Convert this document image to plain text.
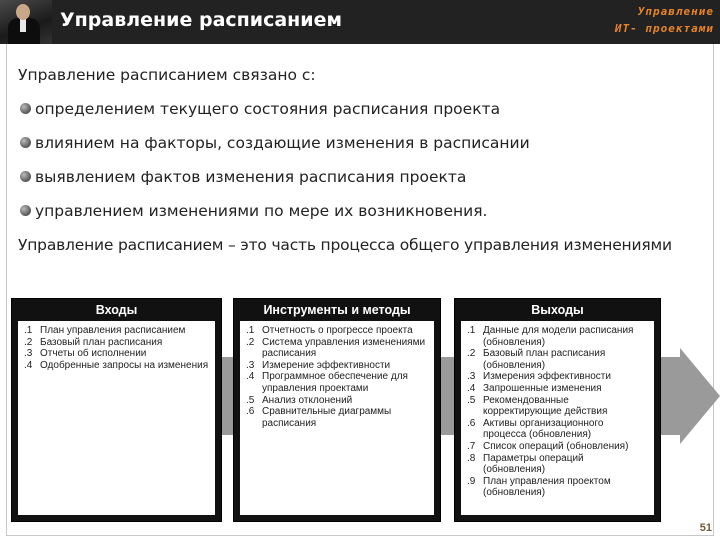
Управление расписанием	Управление
ИТ- проектами
Управление расписанием связано с:
определением текущего состояния расписания проекта
влиянием на факторы, создающие изменения в расписании
выявлением фактов изменения расписания проекта
управлением изменениями по мере их возникновения.
Управление расписанием – это часть процесса общего управления изменениями
Входы
.1 План управления расписанием
.2 Базовый план расписания
.3 Отчеты об исполнении
.4 Одобренные запросы на изменения
Инструменты и методы
.1 Отчетность о прогрессе проекта
.2 Система управления изменениями расписания
.3 Измерение эффективности
.4 Программное обеспечение для управления проектами
.5 Анализ отклонений
.6 Сравнительные диаграммы расписания
Выходы
.1 Данные для модели расписания (обновления)
.2 Базовый план расписания (обновления)
.3 Измерения эффективности
.4 Запрошенные изменения
.5 Рекомендованные корректирующие действия
.6 Активы организационного процесса (обновления)
.7 Список операций (обновления)
.8 Параметры операций (обновления)
.9 План управления проектом (обновления)
51
